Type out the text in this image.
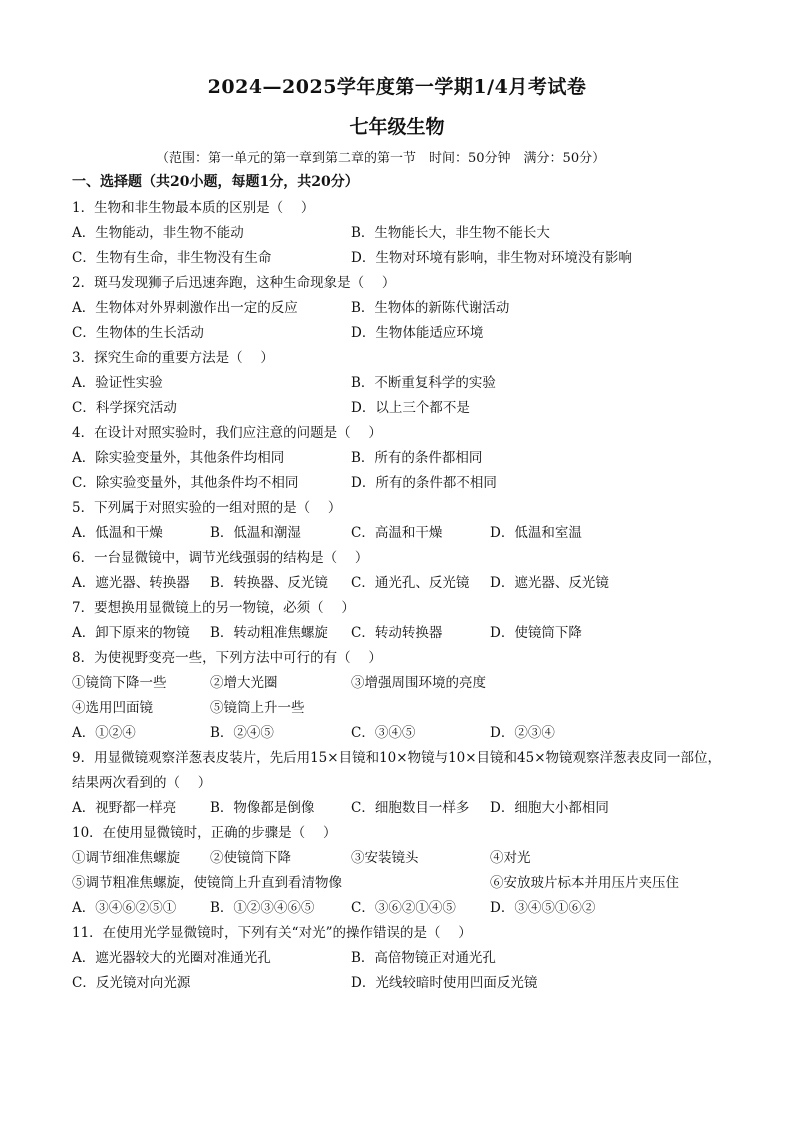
2024—2025学年度第一学期1/4月考试卷
七年级生物
（范围：第一单元的第一章到第二章的第一节　时间：50分钟　满分：50分）
一、选择题（共20小题，每题1分，共20分）
1．生物和非生物最本质的区别是（　 ）
A．生物能动，非生物不能动	B．生物能长大，非生物不能长大
C．生物有生命，非生物没有生命	D．生物对环境有影响，非生物对环境没有影响
2．斑马发现狮子后迅速奔跑，这种生命现象是（　 ）
A．生物体对外界刺激作出一定的反应	B．生物体的新陈代谢活动
C．生物体的生长活动	D．生物体能适应环境
3．探究生命的重要方法是（　 ）
A．验证性实验	B．不断重复科学的实验
C．科学探究活动	D．以上三个都不是
4．在设计对照实验时，我们应注意的问题是（　 ）
A．除实验变量外，其他条件均相同	B．所有的条件都相同
C．除实验变量外，其他条件均不相同	D．所有的条件都不相同
5．下列属于对照实验的一组对照的是（　 ）
A．低温和干燥	B．低温和潮湿	C．高温和干燥	D．低温和室温
6．一台显微镜中，调节光线强弱的结构是（　 ）
A．遮光器、转换器 B．转换器、反光镜 C．通光孔、反光镜 D．遮光器、反光镜
7．要想换用显微镜上的另一物镜，必须（　 ）
A．卸下原来的物镜 B．转动粗准焦螺旋 C．转动转换器	D．使镜筒下降
8．为使视野变亮一些，下列方法中可行的有（　 ）
①镜筒下降一些	②增大光圈	③增强周围环境的亮度
④选用凹面镜	⑤镜筒上升一些
A．①②④	B．②④⑤	C．③④⑤	D．②③④
9．用显微镜观察洋葱表皮装片，先后用15×目镜和10×物镜与10×目镜和45×物镜观察洋葱表皮同一部位，结果两次看到的（　 ）
A．视野都一样亮	B．物像都是倒像	C．细胞数目一样多 D．细胞大小都相同
10．在使用显微镜时，正确的步骤是（　 ）
①调节细准焦螺旋 ②使镜筒下降	③安装镜头	④对光
⑤调节粗准焦螺旋，使镜筒上升直到看清物像	⑥安放玻片标本并用压片夹压住
A．③④⑥②⑤①	B．①②③④⑥⑤	C．③⑥②①④⑤	D．③④⑤①⑥②
11．在使用光学显微镜时，下列有关“对光”的操作错误的是（　 ）
A．遮光器较大的光圈对准通光孔	B．高倍物镜正对通光孔
C．反光镜对向光源	D．光线较暗时使用凹面反光镜
